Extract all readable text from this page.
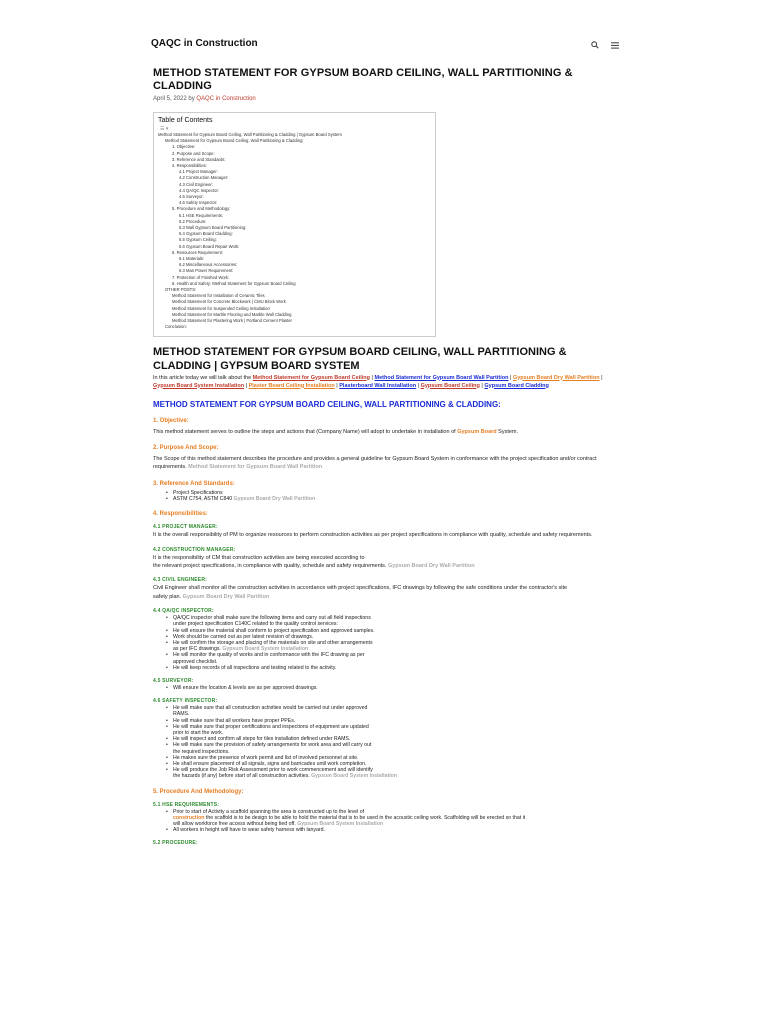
QAQC in Construction
METHOD STATEMENT FOR GYPSUM BOARD CEILING, WALL PARTITIONING & CLADDING
April 5, 2022 by QAQC in Construction
Table of Contents
☰ ▾
Method Statement for Gypsum Board Ceiling, Wall Partitioning & Cladding | Gypsum Board System
Method Statement for Gypsum Board Ceiling, Wall Partitioning & Cladding:
1. Objective:
2. Purpose and Scope:
3. Reference and Standards:
4. Responsibilities:
4.1 Project Manager:
4.2 Construction Manager:
4.3 Civil Engineer:
4.4 QA/QC Inspector:
4.5 Surveyor:
4.6 Safety Inspector:
5. Procedure and Methodology:
5.1 HSE Requirements:
5.2 Procedure:
5.3 Wall Gypsum Board Partitioning:
5.4 Gypsum Board Cladding:
5.5 Gypsum Ceiling:
5.6 Gypsum Board Repair Work:
6. Resources Requirement:
6.1 Materials:
6.2 Miscellaneous Accessories:
6.3 Man Power Requirement:
7. Protection of Finished Work:
8. Health and Safety: Method Statement for Gypsum Board Ceiling
OTHER POSTS:
Method Statement for Installation of Ceramic Tiles
Method Statement for Concrete Blockwork | CMU Block Work
Method Statement for Suspended Ceiling Installation
Method Statement for Marble Flooring and Marble Wall Cladding
Method Statement for Plastering Work | Portland Cement Plaster
Conclusion:
METHOD STATEMENT FOR GYPSUM BOARD CEILING, WALL PARTITIONING & CLADDING | GYPSUM BOARD SYSTEM
In this article today we will talk about the Method Statement for Gypsum Board Ceiling | Method Statement for Gypsum Board Wall Partition | Gypsum Board Dry Wall Partition | Gypsum Board System Installation | Plaster Board Ceiling Installation | Plasterboard Wall Installation | Gypsum Board Ceiling | Gypsum Board Cladding
METHOD STATEMENT FOR GYPSUM BOARD CEILING, WALL PARTITIONING & CLADDING:
1. Objective:

This method statement serves to outline the steps and actions that (Company Name) will adopt to undertake in installation of Gypsum Board System.

2. Purpose And Scope:

The Scope of this method statement describes the procedure and provides a general guideline for Gypsum Board System in conformance with the project specification and/or contract requirements. Method Statement for Gypsum Board Wall Partition

3. Reference And Standards:
• Project Specifications
• ASTM C754, ASTM C840 Gypsum Board Dry Wall Partition
4. Responsibilities:
4.1 PROJECT MANAGER:

It is the overall responsibility of PM to organize resources to perform construction activities as per project specifications in compliance with quality, schedule and safety requirements.

4.2 CONSTRUCTION MANAGER:

It is the responsibility of CM that construction activities are being executed according to
the relevant project specifications, in compliance with quality, schedule and safety requirements. Gypsum Board Dry Wall Partition

4.3 CIVIL ENGINEER:

Civil Engineer shall monitor all the construction activities in accordance with project specifications, IFC drawings by following the safe conditions under the contractor's site
safety plan. Gypsum Board Dry Wall Partition

4.4 QA/QC INSPECTOR:
• QA/QC inspector shall make sure the following items and carry out all field inspections
under project specification C140C related to the quality control services:
• He will ensure the material shall conform to project specification and approved samples.
• Work should be carried out as per latest revision of drawings.
• He will confirm the storage and placing of the materials on site and other arrangements
as per IFC drawings. Gypsum Board System Installation
• He will monitor the quality of works and in conformance with the IFC drawing as per
approved checklist.
• He will keep records of all inspections and testing related to the activity.
4.5 SURVEYOR:
• Will ensure the location & levels are as per approved drawings.
4.6 SAFETY INSPECTOR:
• He will make sure that all construction activities would be carried out under approved
RAMS.
• He will make sure that all workers have proper PPEs.
• He will make sure that proper certifications and inspections of equipment are updated
prior to start the work.
• He will inspect and confirm all steps for tiles installation defined under RAMS.
• He will make sure the provision of safety arrangements for work area and will carry out
the required inspections.
• He makes sure the presence of work permit and list of involved personnel at site.
• He shall ensure placement of all signals, signs and barricades until work completion.
• He will produce the Job Risk Assessment prior to work commencement and will identify
the hazards (if any) before start of all construction activities. Gypsum Board System Installation
5. Procedure And Methodology:
5.1 HSE REQUIREMENTS:
• Prior to start of Activity a scaffold spanning the area is constructed up to the level of
construction the scaffold is to be design to be able to hold the material that is to be used in the acoustic ceiling work. Scaffolding will be erected so that it
will allow workforce free access without being tied off. Gypsum Board System Installation
• All workers in height will have to wear safety harness with lanyard.
5.2 PROCEDURE:
